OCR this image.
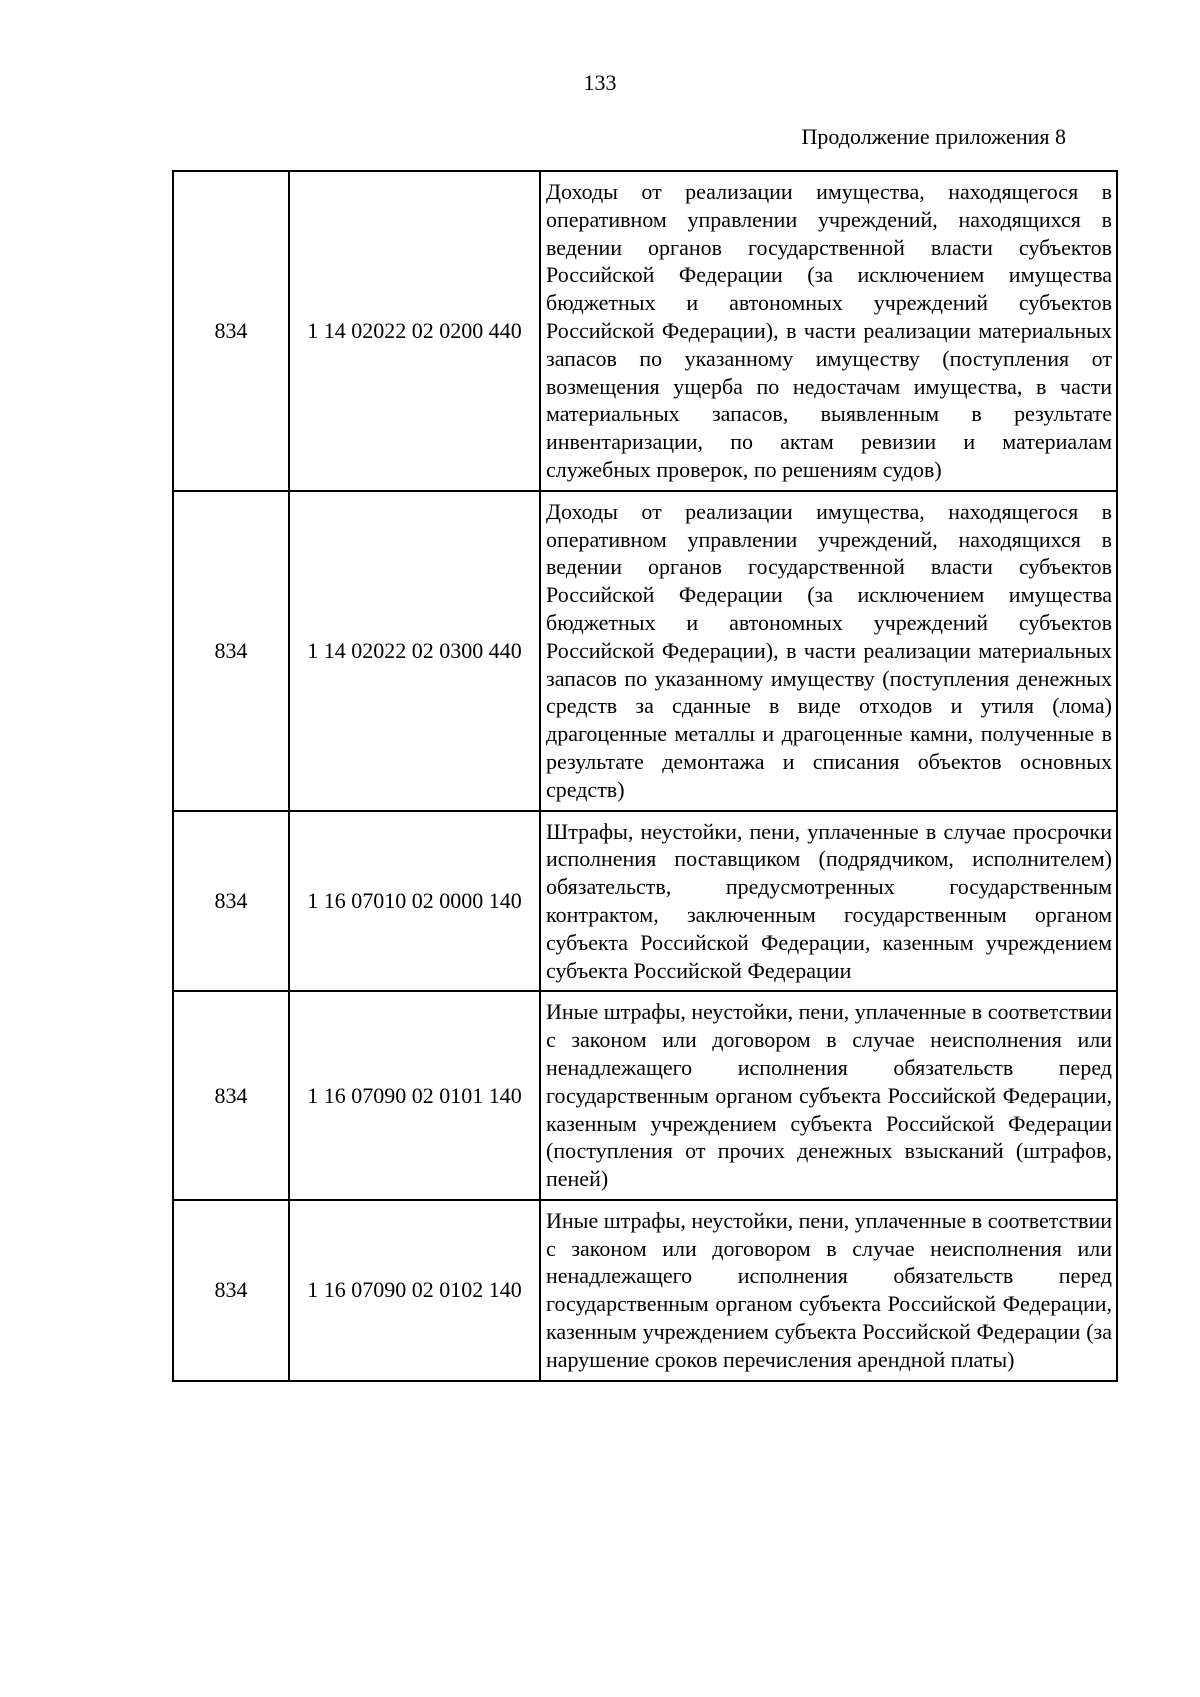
133
Продолжение приложения 8
834	1 14 02022 02 0200 440	Доходы от реализации имущества, находящегося в оперативном управлении учреждений, находящихся в ведении органов государственной власти субъектов Российской Федерации (за исключением имущества бюджетных и автономных учреждений субъектов Российской Федерации), в части реализации материальных запасов по указанному имуществу (поступления от возмещения ущерба по недостачам имущества, в части материальных запасов, выявленным в результате инвентаризации, по актам ревизии и материалам служебных проверок, по решениям судов)
834	1 14 02022 02 0300 440	Доходы от реализации имущества, находящегося в оперативном управлении учреждений, находящихся в ведении органов государственной власти субъектов Российской Федерации (за исключением имущества бюджетных и автономных учреждений субъектов Российской Федерации), в части реализации материальных запасов по указанному имуществу (поступления денежных средств за сданные в виде отходов и утиля (лома) драгоценные металлы и драгоценные камни, полученные в результате демонтажа и списания объектов основных средств)
834	1 16 07010 02 0000 140	Штрафы, неустойки, пени, уплаченные в случае просрочки исполнения поставщиком (подрядчиком, исполнителем) обязательств, предусмотренных государственным контрактом, заключенным государственным органом субъекта Российской Федерации, казенным учреждением субъекта Российской Федерации
834	1 16 07090 02 0101 140	Иные штрафы, неустойки, пени, уплаченные в соответствии с законом или договором в случае неисполнения или ненадлежащего исполнения обязательств перед государственным органом субъекта Российской Федерации, казенным учреждением субъекта Российской Федерации (поступления от прочих денежных взысканий (штрафов, пеней)
834	1 16 07090 02 0102 140	Иные штрафы, неустойки, пени, уплаченные в соответствии с законом или договором в случае неисполнения или ненадлежащего исполнения обязательств перед государственным органом субъекта Российской Федерации, казенным учреждением субъекта Российской Федерации (за нарушение сроков перечисления арендной платы)
